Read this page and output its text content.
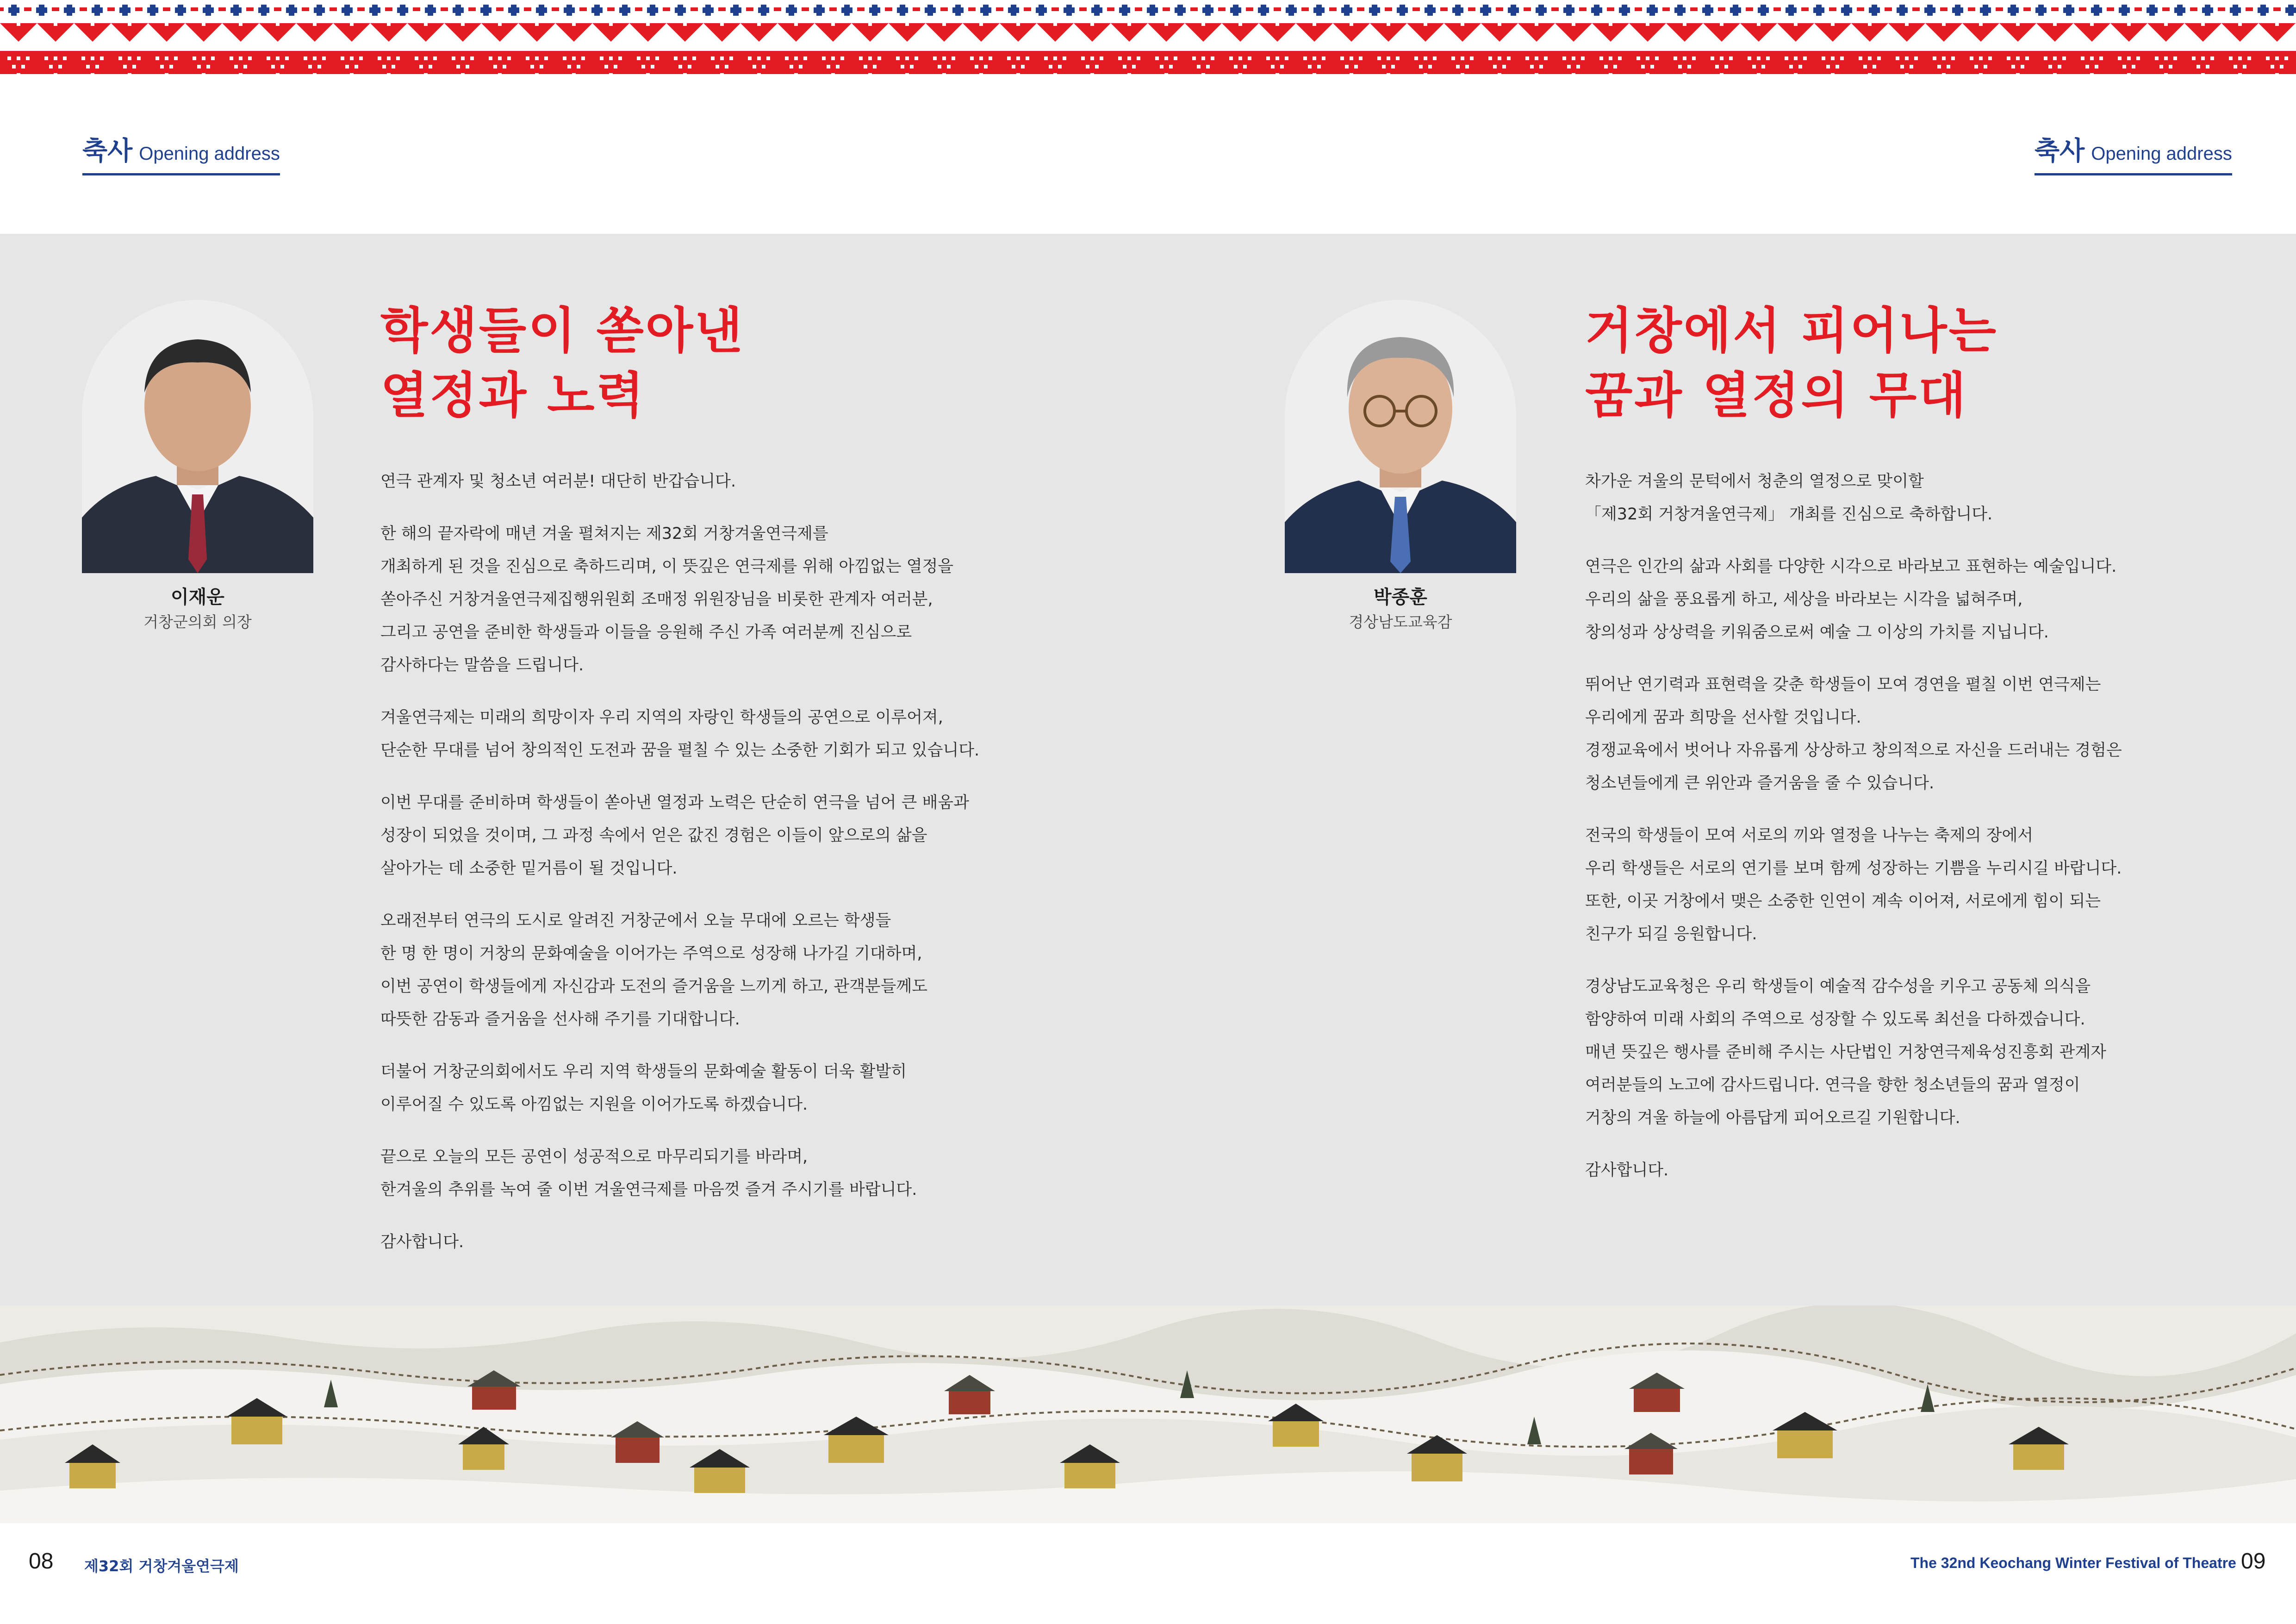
축사 Opening address	축사 Opening address
이재운
거창군의회 의장
학생들이 쏟아낸
열정과 노력

연극 관계자 및 청소년 여러분! 대단히 반갑습니다.

한 해의 끝자락에 매년 겨울 펼쳐지는 제32회 거창겨울연극제를
개최하게 된 것을 진심으로 축하드리며, 이 뜻깊은 연극제를 위해 아낌없는 열정을
쏟아주신 거창겨울연극제집행위원회 조매정 위원장님을 비롯한 관계자 여러분,
그리고 공연을 준비한 학생들과 이들을 응원해 주신 가족 여러분께 진심으로
감사하다는 말씀을 드립니다.

겨울연극제는 미래의 희망이자 우리 지역의 자랑인 학생들의 공연으로 이루어져,
단순한 무대를 넘어 창의적인 도전과 꿈을 펼칠 수 있는 소중한 기회가 되고 있습니다.

이번 무대를 준비하며 학생들이 쏟아낸 열정과 노력은 단순히 연극을 넘어 큰 배움과
성장이 되었을 것이며, 그 과정 속에서 얻은 값진 경험은 이들이 앞으로의 삶을
살아가는 데 소중한 밑거름이 될 것입니다.

오래전부터 연극의 도시로 알려진 거창군에서 오늘 무대에 오르는 학생들
한 명 한 명이 거창의 문화예술을 이어가는 주역으로 성장해 나가길 기대하며,
이번 공연이 학생들에게 자신감과 도전의 즐거움을 느끼게 하고, 관객분들께도
따뜻한 감동과 즐거움을 선사해 주기를 기대합니다.

더불어 거창군의회에서도 우리 지역 학생들의 문화예술 활동이 더욱 활발히
이루어질 수 있도록 아낌없는 지원을 이어가도록 하겠습니다.

끝으로 오늘의 모든 공연이 성공적으로 마무리되기를 바라며,
한겨울의 추위를 녹여 줄 이번 겨울연극제를 마음껏 즐겨 주시기를 바랍니다.

감사합니다.

박종훈
경상남도교육감
거창에서 피어나는
꿈과 열정의 무대

차가운 겨울의 문턱에서 청춘의 열정으로 맞이할
「제32회 거창겨울연극제」 개최를 진심으로 축하합니다.

연극은 인간의 삶과 사회를 다양한 시각으로 바라보고 표현하는 예술입니다.
우리의 삶을 풍요롭게 하고, 세상을 바라보는 시각을 넓혀주며,
창의성과 상상력을 키워줌으로써 예술 그 이상의 가치를 지닙니다.

뛰어난 연기력과 표현력을 갖춘 학생들이 모여 경연을 펼칠 이번 연극제는
우리에게 꿈과 희망을 선사할 것입니다.
경쟁교육에서 벗어나 자유롭게 상상하고 창의적으로 자신을 드러내는 경험은
청소년들에게 큰 위안과 즐거움을 줄 수 있습니다.

전국의 학생들이 모여 서로의 끼와 열정을 나누는 축제의 장에서
우리 학생들은 서로의 연기를 보며 함께 성장하는 기쁨을 누리시길 바랍니다.
또한, 이곳 거창에서 맺은 소중한 인연이 계속 이어져, 서로에게 힘이 되는
친구가 되길 응원합니다.

경상남도교육청은 우리 학생들이 예술적 감수성을 키우고 공동체 의식을
함양하여 미래 사회의 주역으로 성장할 수 있도록 최선을 다하겠습니다.
매년 뜻깊은 행사를 준비해 주시는 사단법인 거창연극제육성진흥회 관계자
여러분들의 노고에 감사드립니다. 연극을 향한 청소년들의 꿈과 열정이
거창의 겨울 하늘에 아름답게 피어오르길 기원합니다.

감사합니다.

08 제32회 거창겨울연극제	The 32nd Keochang Winter Festival of Theatre 09
